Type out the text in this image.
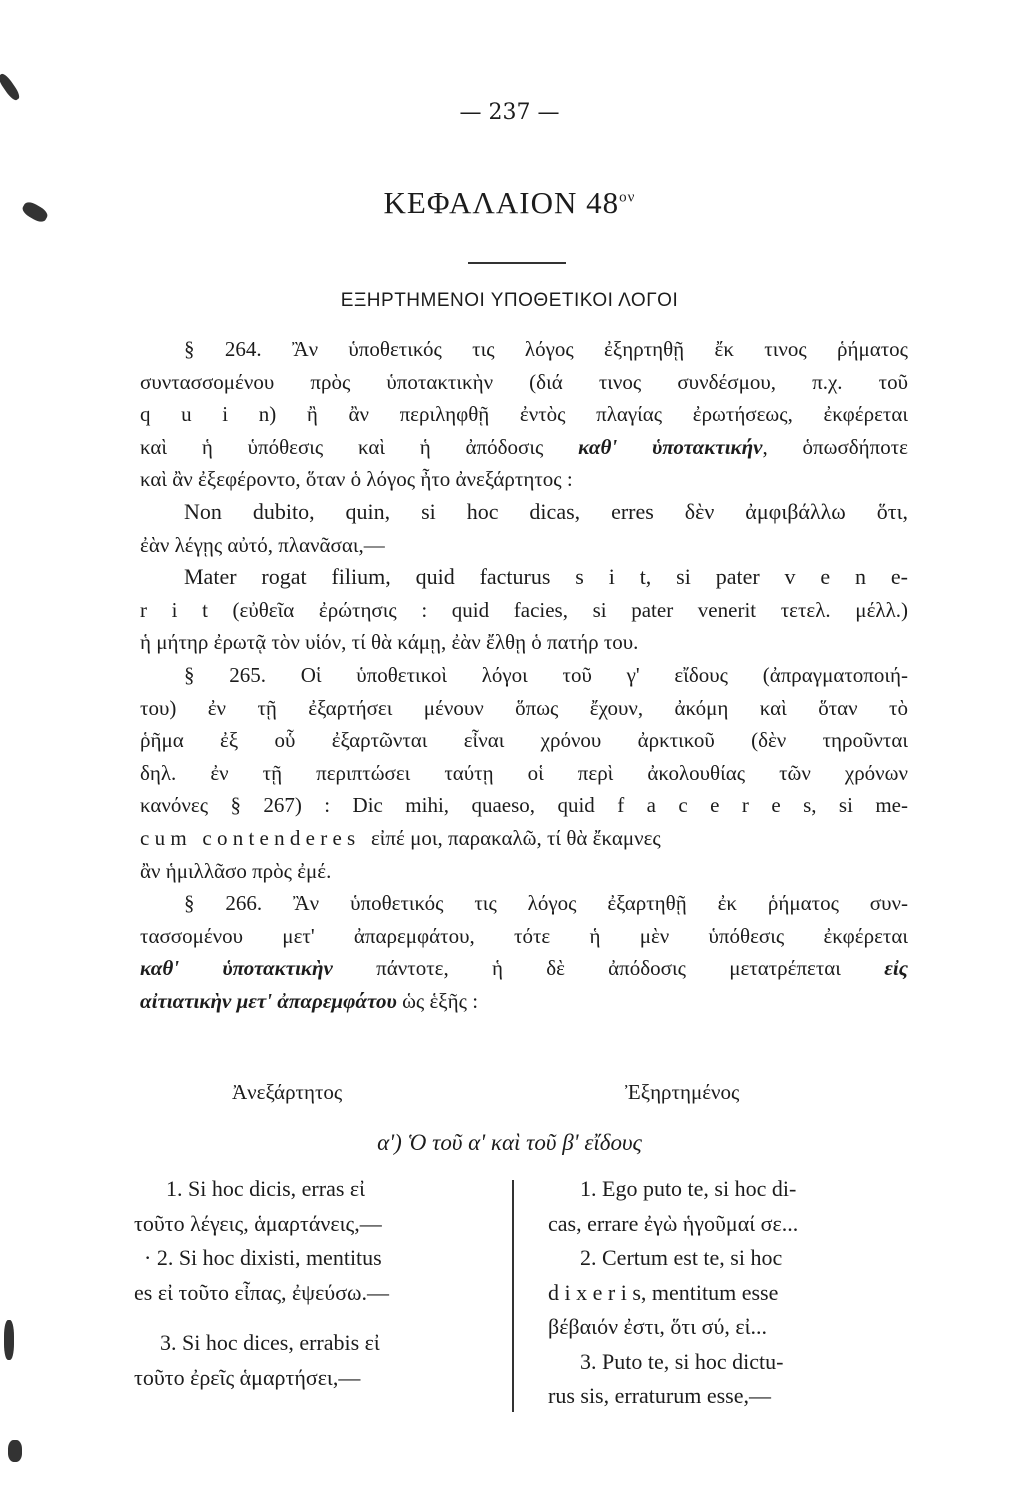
— 237 —
ΚΕΦΑΛΑΙΟΝ $48^{o\nu}$
ΕΞΗΡΤΗΜΕΝΟΙ ΥΠΟΘΕΤΙΚΟΙ ΛΟΓΟΙ
§ 264. Ἂν ὑποθετικός τις λόγος ἐξηρτηθῇ ἔκ τινος ῥήματος
συντασσομένου πρὸς ὑποτακτικὴν (διά τινος συνδέσμου, π.χ. τοῦ
q u i n) ἢ ἂν περιληφθῇ ἐντὸς πλαγίας ἐρωτήσεως, ἐκφέρεται
καὶ ἡ ὑπόθεσις καὶ ἡ ἀπόδοσις καθ' ὑποτακτικήν, ὁπωσδήποτε
καὶ ἂν ἐξεφέροντο, ὅταν ὁ λόγος ἦτο ἀνεξάρτητος :
Non dubito, quin, si hoc dicas, erres δὲν ἀμφιβάλλω ὅτι,
ἐὰν λέγῃς αὐτό, πλανᾶσαι,—
Mater rogat filium, quid facturus s i t, si pater v e n e-
r i t (εὐθεῖα ἐρώτησις : quid facies, si pater venerit τετελ. μέλλ.)
ἡ μήτηρ ἐρωτᾷ τὸν υἱόν, τί θὰ κάμῃ, ἐὰν ἔλθῃ ὁ πατήρ του.
§ 265. Οἱ ὑποθετικοὶ λόγοι τοῦ γ' εἴδους (ἀπραγματοποιή-
του) ἐν τῇ ἐξαρτήσει μένουν ὅπως ἔχουν, ἀκόμη καὶ ὅταν τὸ
ῥῆμα ἐξ οὗ ἐξαρτῶνται εἶναι χρόνου ἀρκτικοῦ (δὲν τηροῦνται
δηλ. ἐν τῇ περιπτώσει ταύτῃ οἱ περὶ ἀκολουθίας τῶν χρόνων
κανόνες § 267) : Dic mihi, quaeso, quid f a c e r e s, si me-
c u m   c o n t e n d e r e s   εἰπέ μοι, παρακαλῶ, τί θὰ ἔκαμνες
ἂν ἡμιλλᾶσο πρὸς ἐμέ.
§ 266. Ἂν ὑποθετικός τις λόγος ἐξαρτηθῇ ἐκ ῥήματος συν-
τασσομένου μετ' ἀπαρεμφάτου, τότε ἡ μὲν ὑπόθεσις ἐκφέρεται
καθ' ὑποτακτικὴν πάντοτε, ἡ δὲ ἀπόδοσις μετατρέπεται εἰς
αἰτιατικὴν μετ' ἀπαρεμφάτου ὡς ἑξῆς :
Ἀνεξάρτητος	Ἐξηρτημένος
α') Ὁ τοῦ α' καὶ τοῦ β' εἴδους
1. Si hoc dicis, erras εἰ
τοῦτο λέγεις, ἁμαρτάνεις,—
· 2. Si hoc dixisti, mentitus
es εἰ τοῦτο εἶπας, ἐψεύσω.—
3. Si hoc dices, errabis εἰ
τοῦτο ἐρεῖς ἁμαρτήσει,—
1. Ego puto te, si hoc di-
cas, errare ἐγὼ ἡγοῦμαί σε...
2. Certum est te, si hoc
d i x e r i s, mentitum esse
βέβαιόν ἐστι, ὅτι σύ, εἰ...
3. Puto te, si hoc dictu-
rus sis, erraturum esse,—
